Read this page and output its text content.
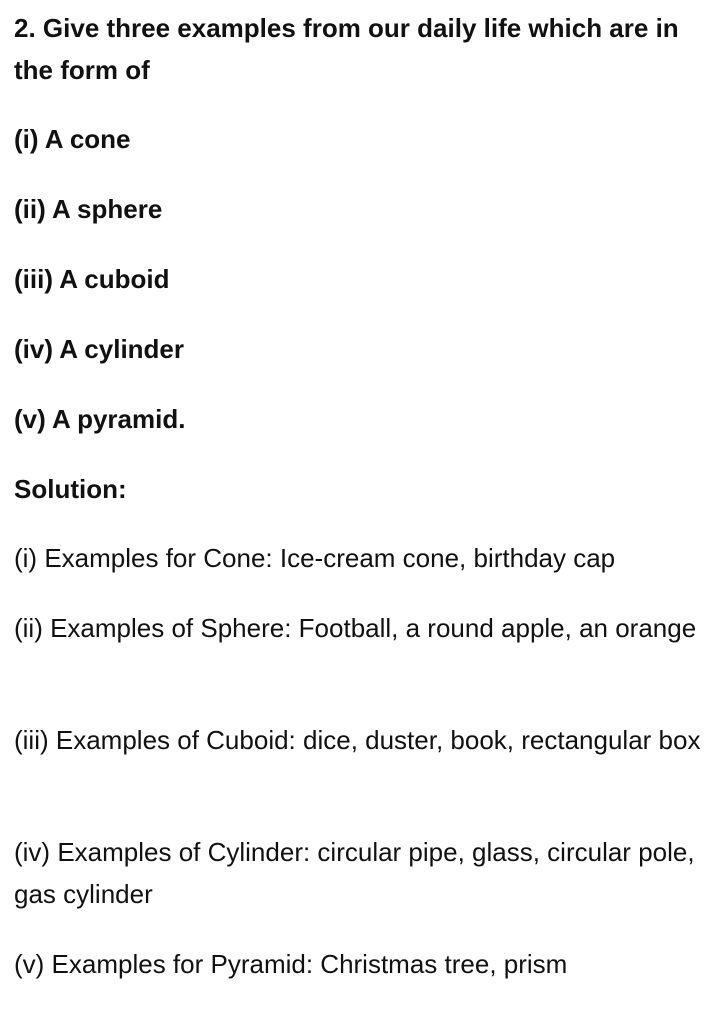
2. Give three examples from our daily life which are in the form of

(i) A cone

(ii) A sphere

(iii) A cuboid

(iv) A cylinder

(v) A pyramid.

Solution:

(i) Examples for Cone: Ice-cream cone, birthday cap

(ii) Examples of Sphere: Football, a round apple, an orange

(iii) Examples of Cuboid: dice, duster, book, rectangular box

(iv) Examples of Cylinder: circular pipe, glass, circular pole, gas cylinder

(v) Examples for Pyramid: Christmas tree, prism
